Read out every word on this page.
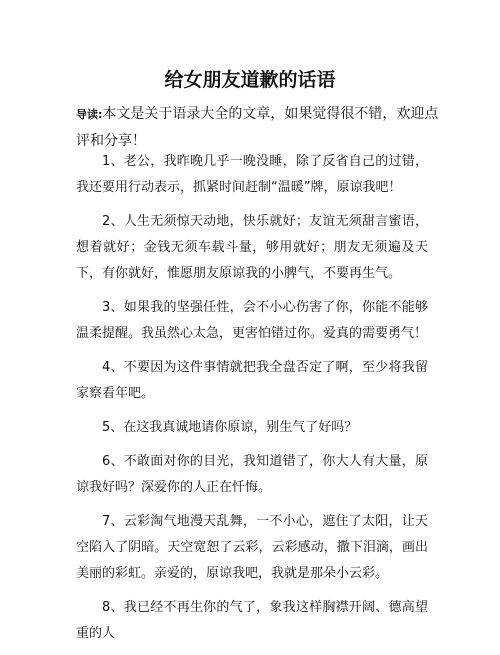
给女朋友道歉的话语
导读:本文是关于语录大全的文章，如果觉得很不错，欢迎点评和分享！

1、老公，我昨晚几乎一晚没睡，除了反省自己的过错，我还要用行动表示，抓紧时间赶制“温暖”牌，原谅我吧！

2、人生无须惊天动地，快乐就好；友谊无须甜言蜜语，想着就好；金钱无须车载斗量，够用就好；朋友无须遍及天下，有你就好，惟愿朋友原谅我的小脾气，不要再生气。

3、如果我的坚强任性，会不小心伤害了你，你能不能够温柔提醒。我虽然心太急，更害怕错过你。爱真的需要勇气！

4、不要因为这件事情就把我全盘否定了啊，至少将我留家察看年吧。

5、在这我真诚地请你原谅，别生气了好吗？

6、不敢面对你的目光，我知道错了，你大人有大量，原谅我好吗？深爱你的人正在忏悔。

7、云彩淘气地漫天乱舞，一不小心，遮住了太阳，让天空陷入了阴暗。天空宽恕了云彩，云彩感动，撒下泪滴，画出美丽的彩虹。亲爱的，原谅我吧，我就是那朵小云彩。

8、我已经不再生你的气了，象我这样胸襟开阔、德高望重的人
